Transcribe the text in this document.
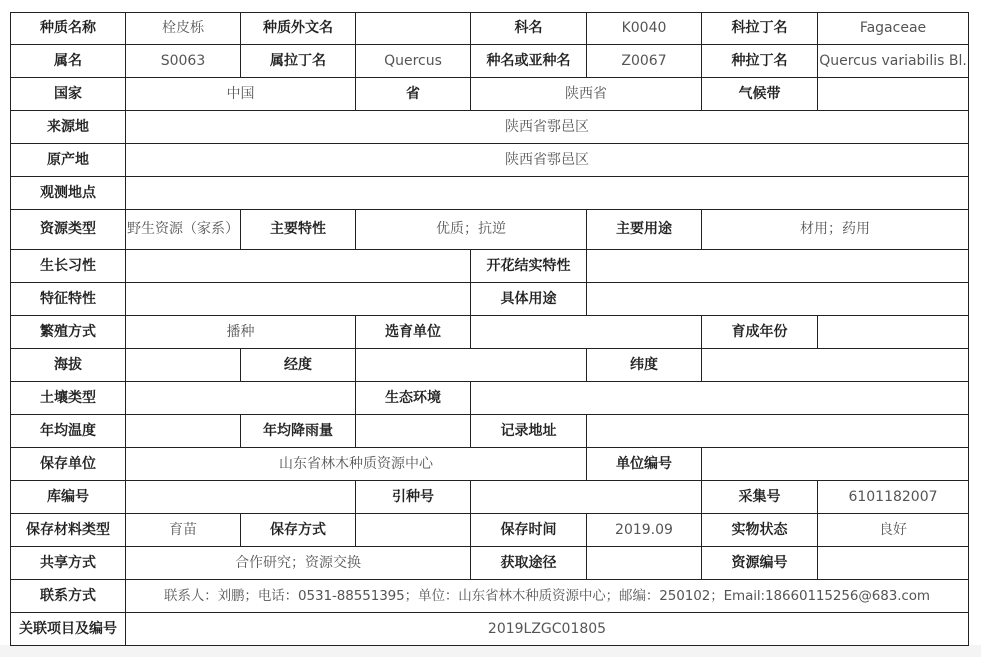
种质名称	栓皮栎	种质外文名		科名	K0040	科拉丁名	Fagaceae
属名	S0063	属拉丁名	Quercus	种名或亚种名	Z0067	种拉丁名	Quercus variabilis Bl.
国家	中国		省	陕西省		气候带	
来源地	陕西省鄠邑区						
原产地	陕西省鄠邑区						
观测地点							
资源类型	野生资源（家系）	主要特性	优质；抗逆		主要用途	材用；药用	
生长习性				开花结实特性			
特征特性				具体用途			
繁殖方式	播种		选育单位			育成年份	
海拔		经度			纬度		
土壤类型			生态环境				
年均温度		年均降雨量		记录地址			
保存单位	山东省林木种质资源中心				单位编号		
库编号			引种号			采集号	6101182007
保存材料类型	育苗	保存方式		保存时间	2019.09	实物状态	良好
共享方式	合作研究；资源交换			获取途径		资源编号	
联系方式	联系人：刘鹏；电话：0531-88551395；单位：山东省林木种质资源中心；邮编：250102；Email:18660115256@683.com						
关联项目及编号	2019LZGC01805						
